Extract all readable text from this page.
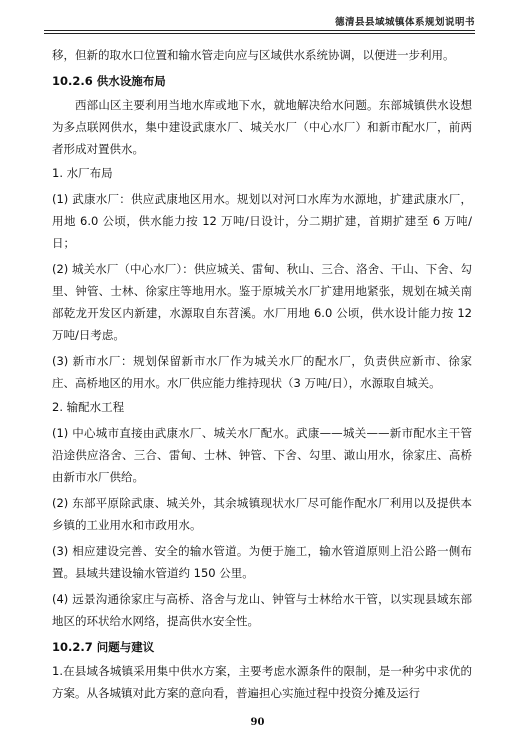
德清县县域城镇体系规划说明书

移，但新的取水口位置和输水管走向应与区域供水系统协调，以便进一步利用。

10.2.6 供水设施布局

西部山区主要利用当地水库或地下水，就地解决给水问题。东部城镇供水设想为多点联网供水，集中建设武康水厂、城关水厂（中心水厂）和新市配水厂，前两者形成对置供水。

1. 水厂布局

(1) 武康水厂：供应武康地区用水。规划以对河口水库为水源地，扩建武康水厂，用地 6.0 公顷，供水能力按 12 万吨/日设计，分二期扩建，首期扩建至 6 万吨/日；

(2) 城关水厂（中心水厂）：供应城关、雷甸、秋山、三合、洛舍、干山、下舍、勾里、钟管、士林、徐家庄等地用水。鉴于原城关水厂扩建用地紧张，规划在城关南部乾龙开发区内新建，水源取自东苕溪。水厂用地 6.0 公顷，供水设计能力按 12 万吨/日考虑。

(3) 新市水厂：规划保留新市水厂作为城关水厂的配水厂，负责供应新市、徐家庄、高桥地区的用水。水厂供应能力维持现状（3 万吨/日），水源取自城关。

2. 输配水工程

(1) 中心城市直接由武康水厂、城关水厂配水。武康——城关——新市配水主干管沿途供应洛舍、三合、雷甸、士林、钟管、下舍、勾里、澉山用水，徐家庄、高桥由新市水厂供给。

(2) 东部平原除武康、城关外，其余城镇现状水厂尽可能作配水厂利用以及提供本乡镇的工业用水和市政用水。

(3) 相应建设完善、安全的输水管道。为便于施工，输水管道原则上沿公路一侧布置。县域共建设输水管道约 150 公里。

(4) 远景沟通徐家庄与高桥、洛舍与龙山、钟管与士林给水干管，以实现县域东部地区的环状给水网络，提高供水安全性。

10.2.7 问题与建议

1.在县域各城镇采用集中供水方案，主要考虑水源条件的限制，是一种劣中求优的方案。从各城镇对此方案的意向看，普遍担心实施过程中投资分摊及运行

90
